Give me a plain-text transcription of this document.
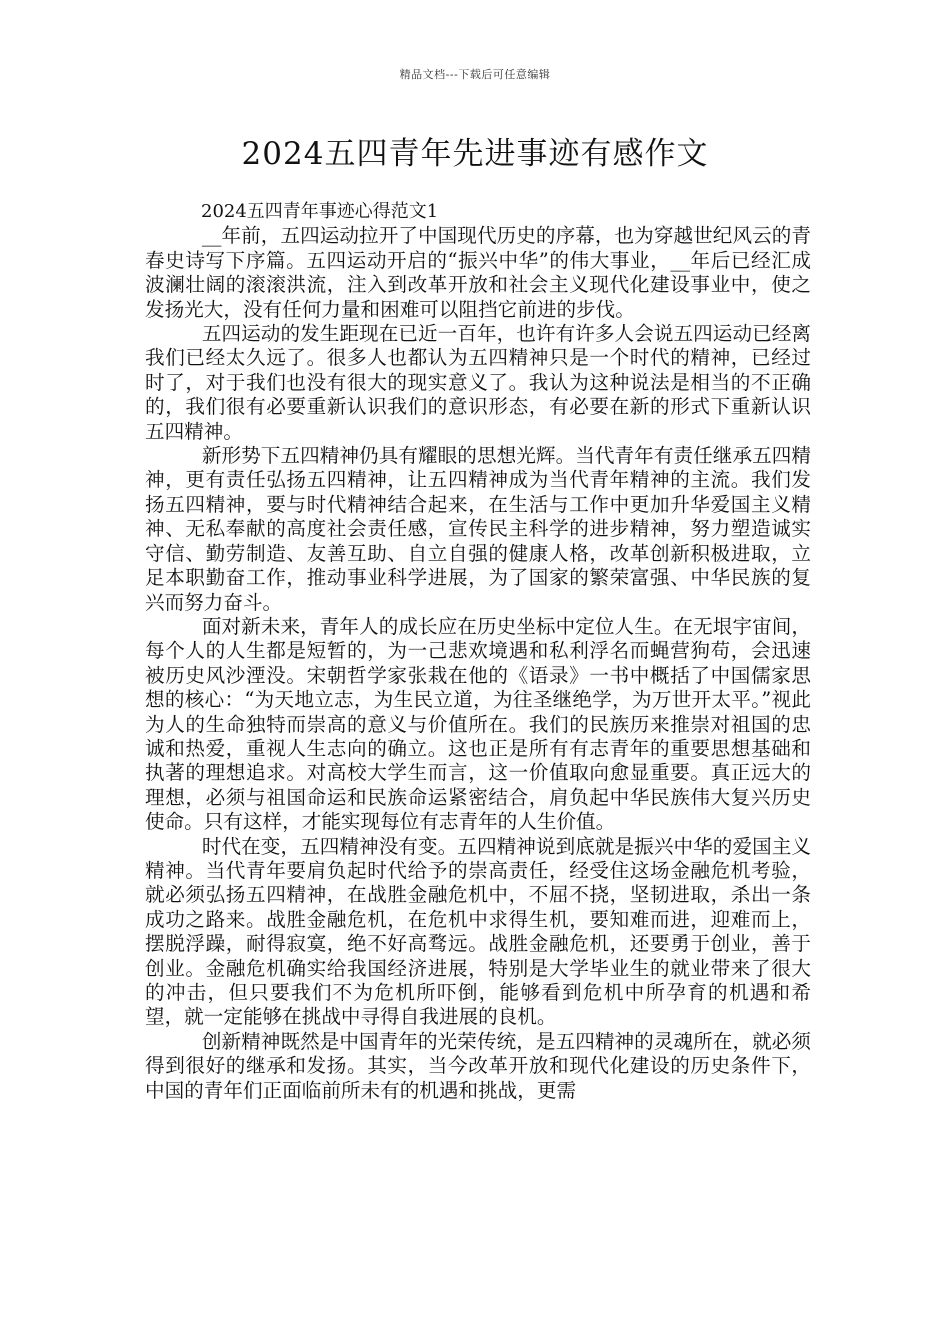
精品文档---下载后可任意编辑
2024五四青年先进事迹有感作文

2024五四青年事迹心得范文1

__年前，五四运动拉开了中国现代历史的序幕，也为穿越世纪风云的青春史诗写下序篇。五四运动开启的“振兴中华”的伟大事业，__年后已经汇成波澜壮阔的滚滚洪流，注入到改革开放和社会主义现代化建设事业中，使之发扬光大，没有任何力量和困难可以阻挡它前进的步伐。

五四运动的发生距现在已近一百年，也许有许多人会说五四运动已经离我们已经太久远了。很多人也都认为五四精神只是一个时代的精神，已经过时了，对于我们也没有很大的现实意义了。我认为这种说法是相当的不正确的，我们很有必要重新认识我们的意识形态，有必要在新的形式下重新认识五四精神。

新形势下五四精神仍具有耀眼的思想光辉。当代青年有责任继承五四精神，更有责任弘扬五四精神，让五四精神成为当代青年精神的主流。我们发扬五四精神，要与时代精神结合起来，在生活与工作中更加升华爱国主义精神、无私奉献的高度社会责任感，宣传民主科学的进步精神，努力塑造诚实守信、勤劳制造、友善互助、自立自强的健康人格，改革创新积极进取，立足本职勤奋工作，推动事业科学进展，为了国家的繁荣富强、中华民族的复兴而努力奋斗。

面对新未来，青年人的成长应在历史坐标中定位人生。在无垠宇宙间，每个人的人生都是短暂的，为一己悲欢境遇和私利浮名而蝇营狗苟，会迅速被历史风沙湮没。宋朝哲学家张栽在他的《语录》一书中概括了中国儒家思想的核心：“为天地立志，为生民立道，为往圣继绝学，为万世开太平。”视此为人的生命独特而崇高的意义与价值所在。我们的民族历来推崇对祖国的忠诚和热爱，重视人生志向的确立。这也正是所有有志青年的重要思想基础和执著的理想追求。对高校大学生而言，这一价值取向愈显重要。真正远大的理想，必须与祖国命运和民族命运紧密结合，肩负起中华民族伟大复兴历史使命。只有这样，才能实现每位有志青年的人生价值。

时代在变，五四精神没有变。五四精神说到底就是振兴中华的爱国主义精神。当代青年要肩负起时代给予的崇高责任，经受住这场金融危机考验，就必须弘扬五四精神，在战胜金融危机中，不屈不挠，坚韧进取，杀出一条成功之路来。战胜金融危机，在危机中求得生机，要知难而进，迎难而上，摆脱浮躁，耐得寂寞，绝不好高骛远。战胜金融危机，还要勇于创业，善于创业。金融危机确实给我国经济进展，特别是大学毕业生的就业带来了很大的冲击，但只要我们不为危机所吓倒，能够看到危机中所孕育的机遇和希望，就一定能够在挑战中寻得自我进展的良机。

创新精神既然是中国青年的光荣传统，是五四精神的灵魂所在，就必须得到很好的继承和发扬。其实，当今改革开放和现代化建设的历史条件下，中国的青年们正面临前所未有的机遇和挑战，更需
